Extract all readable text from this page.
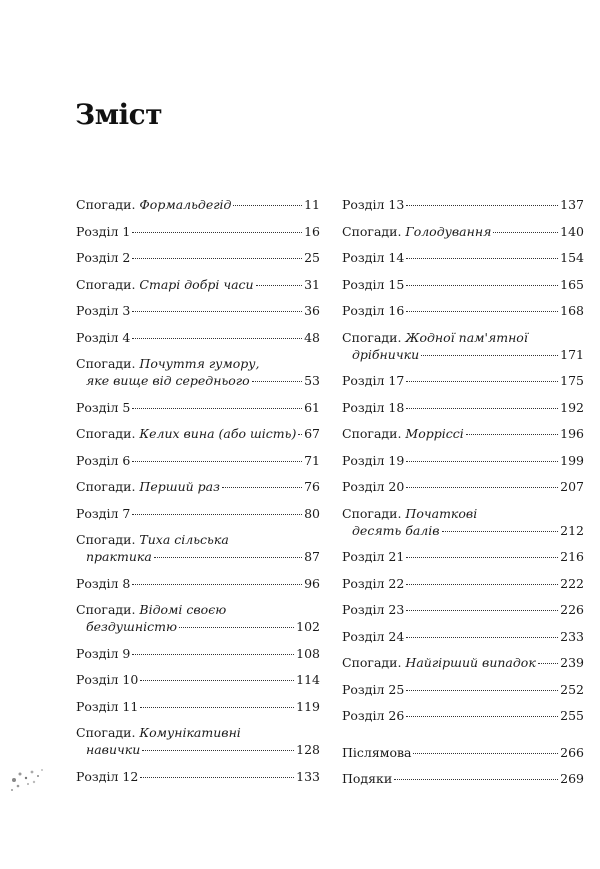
Зміст
Спогади. Формальдегід	11
Розділ 1	16
Розділ 2	25
Спогади. Старі добрі часи	31
Розділ 3	36
Розділ 4	48
Спогади. Почуття гумору,
яке вище від середнього	53
Розділ 5	61
Спогади. Келих вина (або шість) 67
Розділ 6	71
Спогади. Перший раз	76
Розділ 7	80
Спогади. Тиха сільська
практика	87
Розділ 8	96
Спогади. Відомі своєю
бездушністю	102
Розділ 9	108
Розділ 10	114
Розділ 11	119
Спогади. Комунікативні
навички	128
Розділ 12	133
Розділ 13	137
Спогади. Голодування	140
Розділ 14	154
Розділ 15	165
Розділ 16	168
Спогади. Жодної пам'ятної
дрібнички	171
Розділ 17	175
Розділ 18	192
Спогади. Морріссі	196
Розділ 19	199
Розділ 20	207
Спогади. Початкові
десять балів	212
Розділ 21	216
Розділ 22	222
Розділ 23	226
Розділ 24	233
Спогади. Найгірший випадок 239
Розділ 25	252
Розділ 26	255
Післямова	266
Подяки	269
